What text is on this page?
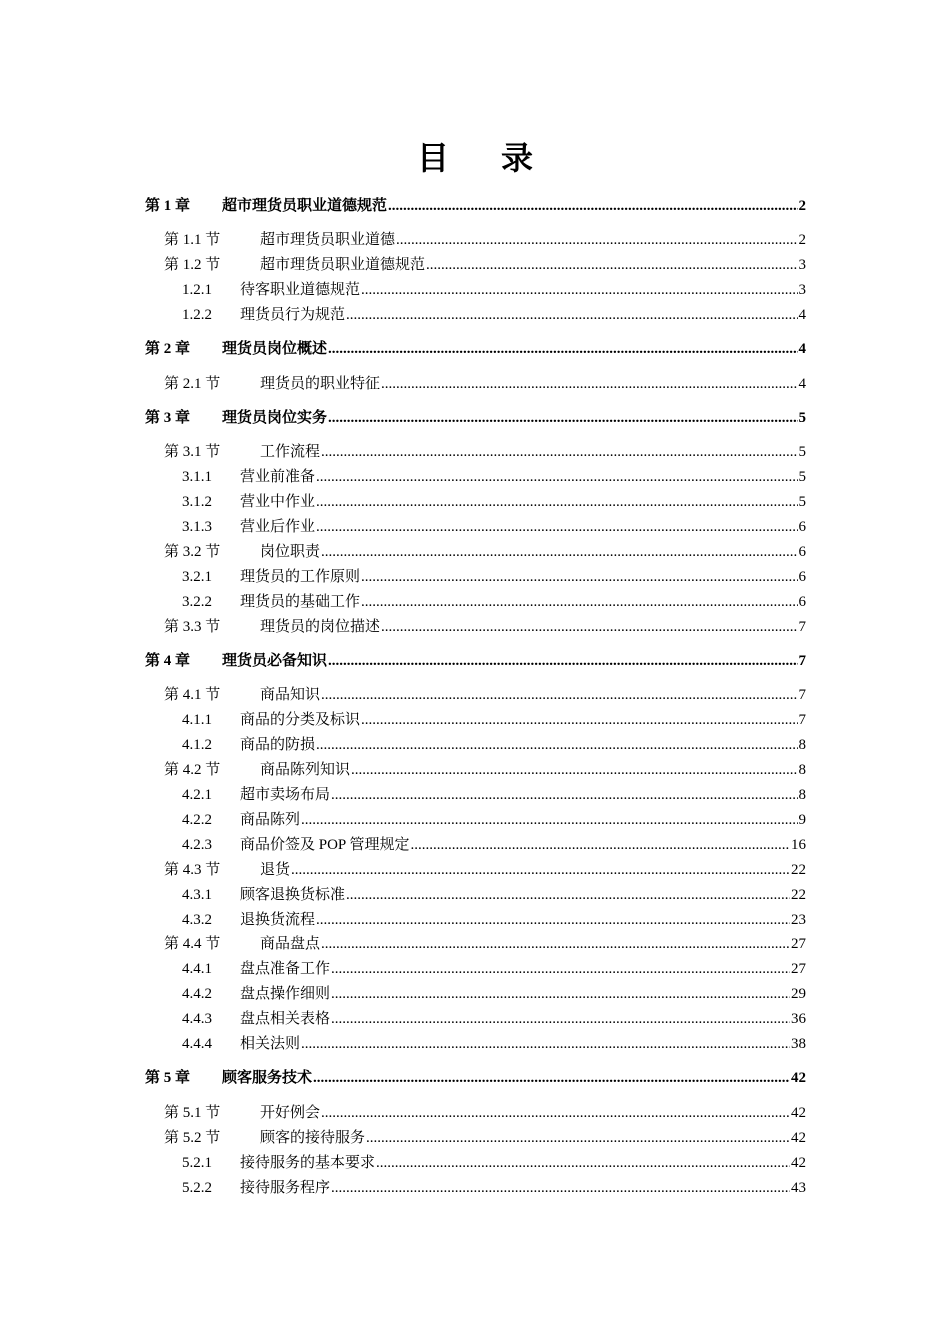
目 录
第 1 章	超市理货员职业道德规范 .....	2
第 1.1 节	超市理货员职业道德 .....	2
第 1.2 节	超市理货员职业道德规范 .....	3
1.2.1	待客职业道德规范 .....	3
1.2.2	理货员行为规范 .....	4
第 2 章	理货员岗位概述 .....	4
第 2.1 节	理货员的职业特征 .....	4
第 3 章	理货员岗位实务 .....	5
第 3.1 节	工作流程 .....	5
3.1.1	营业前准备 .....	5
3.1.2	营业中作业 .....	5
3.1.3	营业后作业 .....	6
第 3.2 节	岗位职责 .....	6
3.2.1	理货员的工作原则 .....	6
3.2.2	理货员的基础工作 .....	6
第 3.3 节	理货员的岗位描述 .....	7
第 4 章	理货员必备知识 .....	7
第 4.1 节	商品知识 .....	7
4.1.1	商品的分类及标识 .....	7
4.1.2	商品的防损 .....	8
第 4.2 节	商品陈列知识 .....	8
4.2.1	超市卖场布局 .....	8
4.2.2	商品陈列 .....	9
4.2.3	商品价签及 POP 管理规定 .....	16
第 4.3 节	退货 .....	22
4.3.1	顾客退换货标准 .....	22
4.3.2	退换货流程 .....	23
第 4.4 节	商品盘点 .....	27
4.4.1	盘点准备工作 .....	27
4.4.2	盘点操作细则 .....	29
4.4.3	盘点相关表格 .....	36
4.4.4	相关法则 .....	38
第 5 章	顾客服务技术 .....	42
第 5.1 节	开好例会 .....	42
第 5.2 节	顾客的接待服务 .....	42
5.2.1	接待服务的基本要求 .....	42
5.2.2	接待服务程序 .....	43
